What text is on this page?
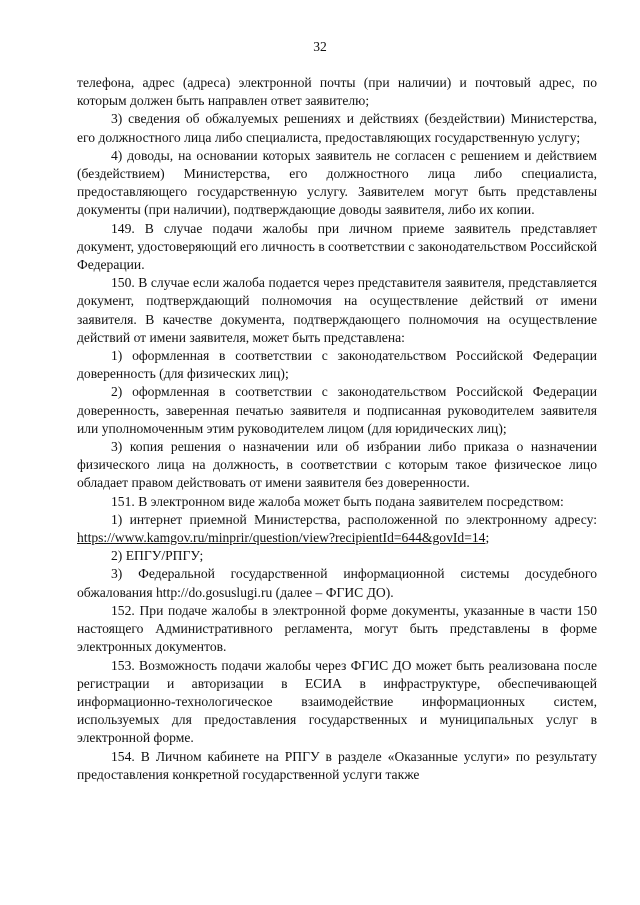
32

телефона, адрес (адреса) электронной почты (при наличии) и почтовый адрес, по которым должен быть направлен ответ заявителю;

3) сведения об обжалуемых решениях и действиях (бездействии) Министерства, его должностного лица либо специалиста, предоставляющих государственную услугу;

4) доводы, на основании которых заявитель не согласен с решением и действием (бездействием) Министерства, его должностного лица либо специалиста, предоставляющего государственную услугу. Заявителем могут быть представлены документы (при наличии), подтверждающие доводы заявителя, либо их копии.

149. В случае подачи жалобы при личном приеме заявитель представляет документ, удостоверяющий его личность в соответствии с законодательством Российской Федерации.

150. В случае если жалоба подается через представителя заявителя, представляется документ, подтверждающий полномочия на осуществление действий от имени заявителя. В качестве документа, подтверждающего полномочия на осуществление действий от имени заявителя, может быть представлена:

1) оформленная в соответствии с законодательством Российской Федерации доверенность (для физических лиц);

2) оформленная в соответствии с законодательством Российской Федерации доверенность, заверенная печатью заявителя и подписанная руководителем заявителя или уполномоченным этим руководителем лицом (для юридических лиц);

3) копия решения о назначении или об избрании либо приказа о назначении физического лица на должность, в соответствии с которым такое физическое лицо обладает правом действовать от имени заявителя без доверенности.

151. В электронном виде жалоба может быть подана заявителем посредством:

1) интернет приемной Министерства, расположенной по электронному адресу: https://www.kamgov.ru/minprir/question/view?recipientId=644&govId=14;

2) ЕПГУ/РПГУ;

3) Федеральной государственной информационной системы досудебного обжалования http://do.gosuslugi.ru (далее – ФГИС ДО).

152. При подаче жалобы в электронной форме документы, указанные в части 150 настоящего Административного регламента, могут быть представлены в форме электронных документов.

153. Возможность подачи жалобы через ФГИС ДО может быть реализована после регистрации и авторизации в ЕСИА в инфраструктуре, обеспечивающей информационно-технологическое взаимодействие информационных систем, используемых для предоставления государственных и муниципальных услуг в электронной форме.

154. В Личном кабинете на РПГУ в разделе «Оказанные услуги» по результату предоставления конкретной государственной услуги также
